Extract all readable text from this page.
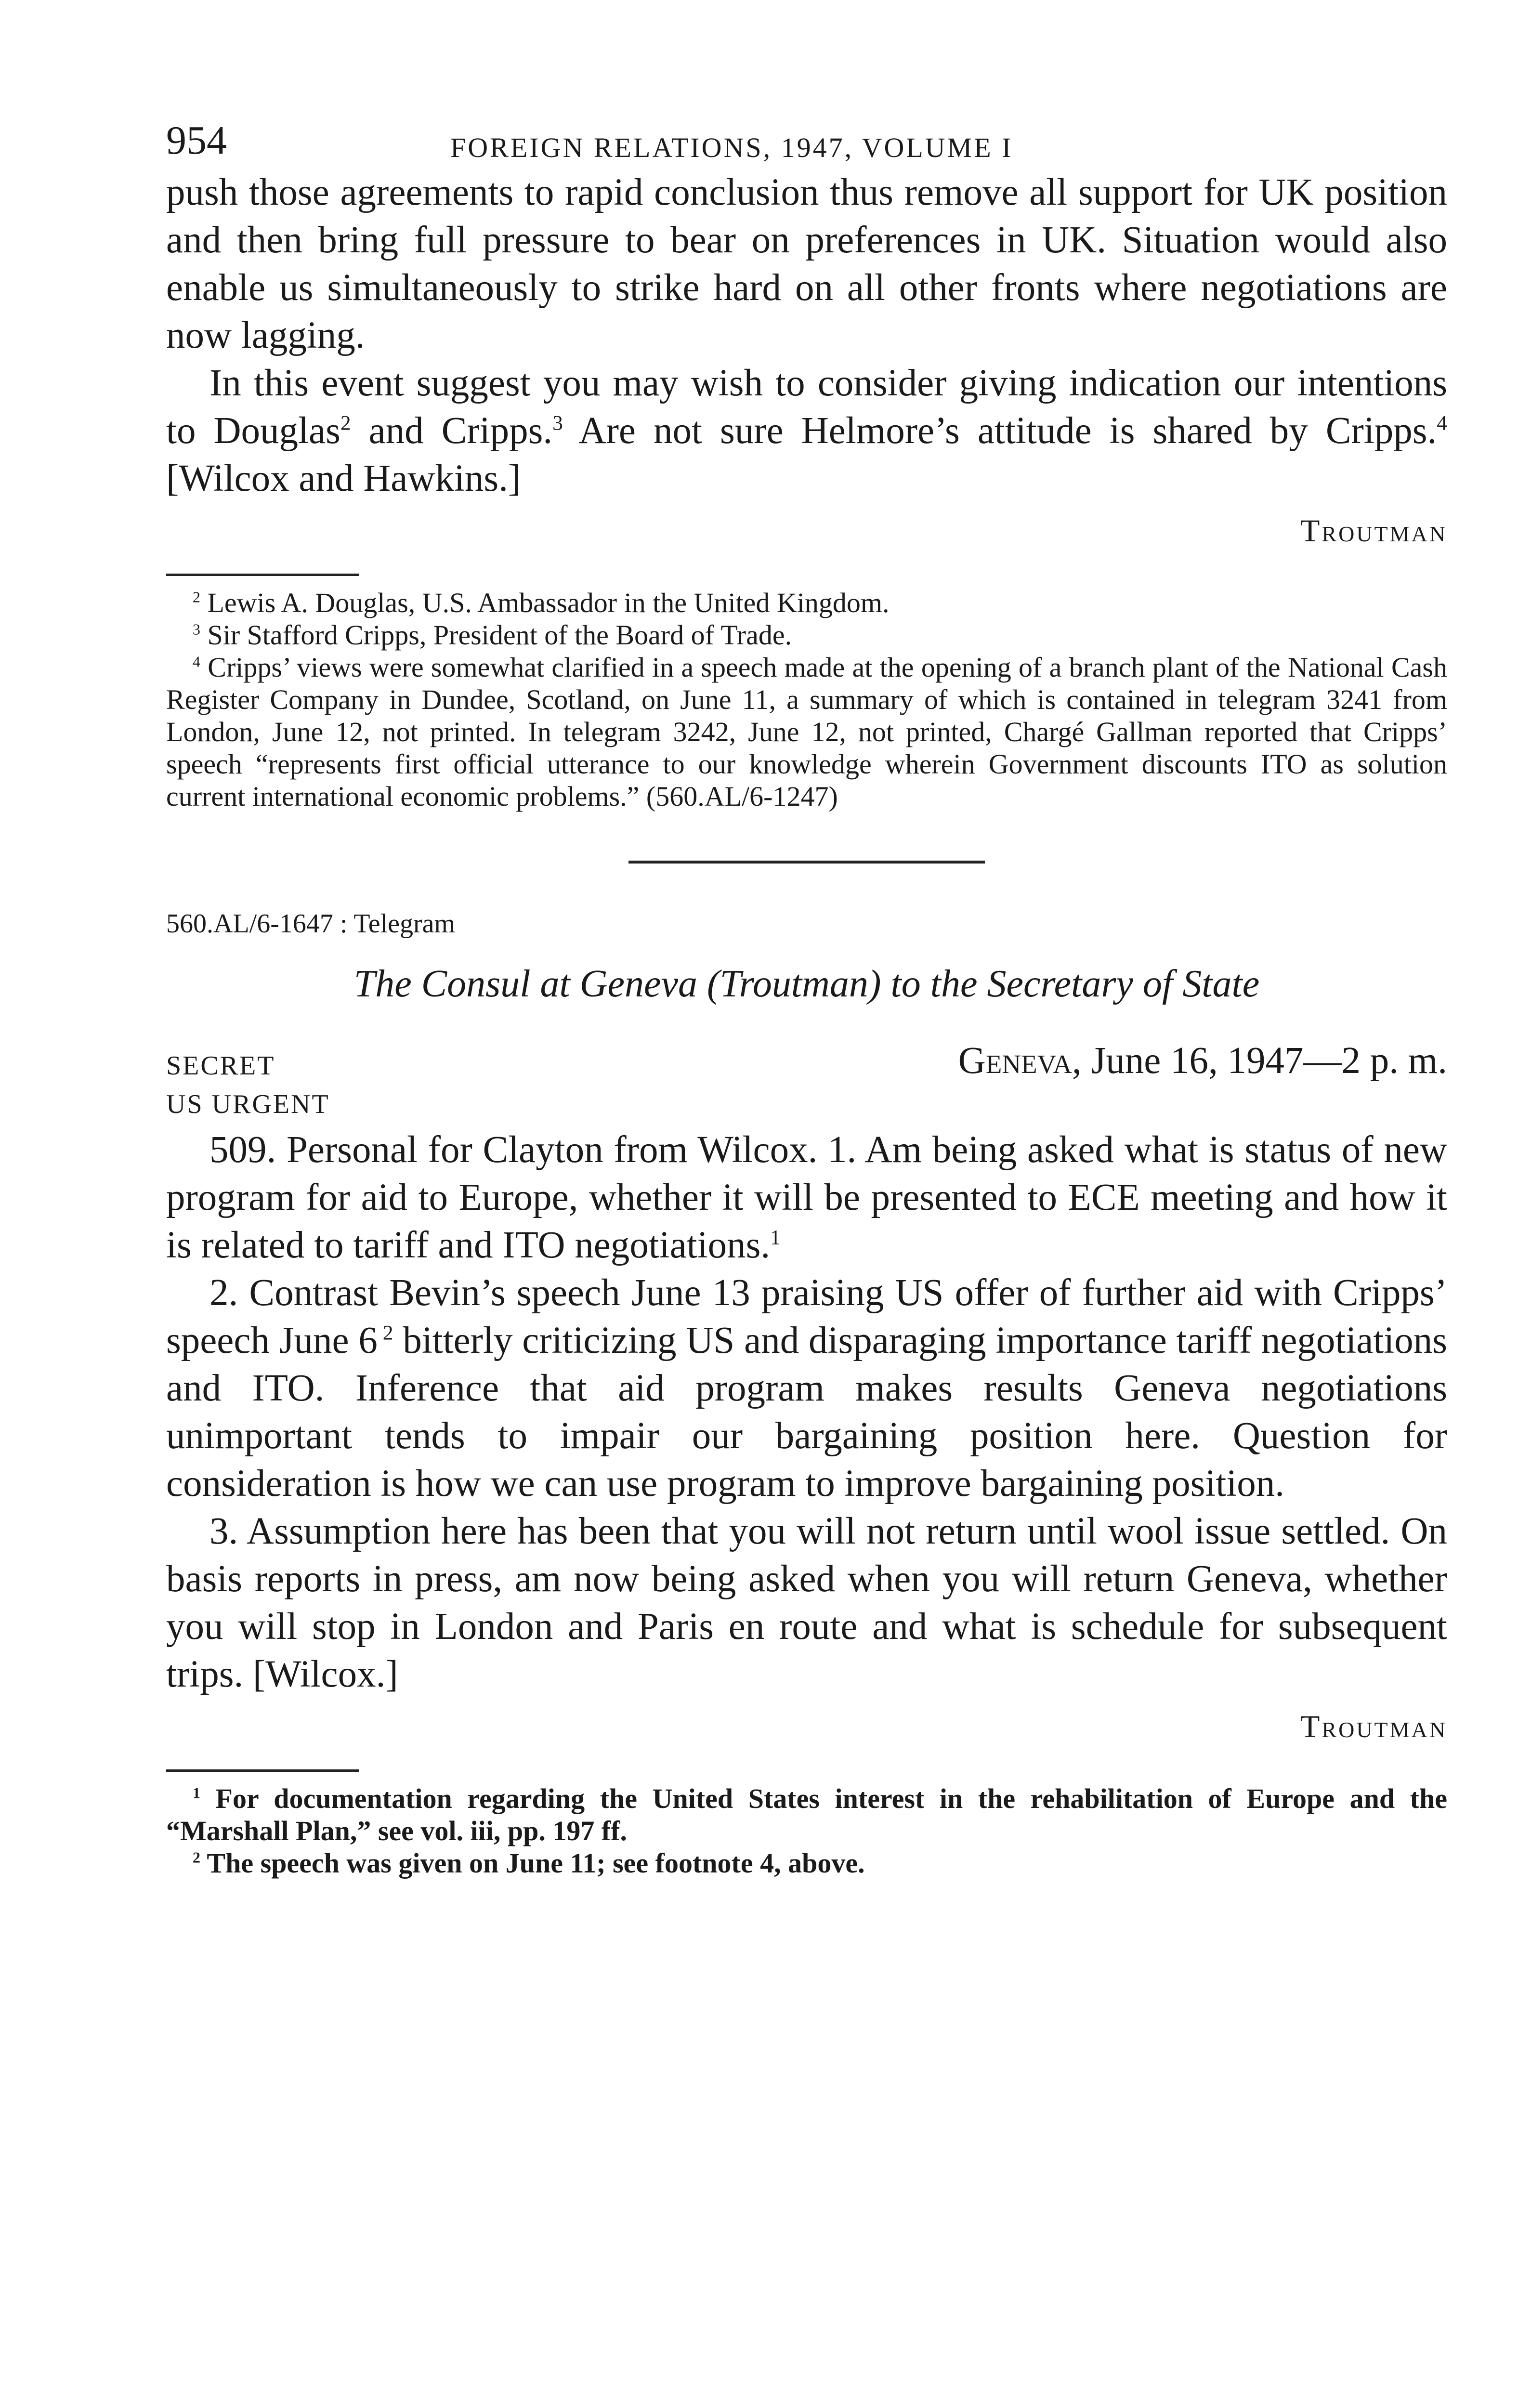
954	FOREIGN RELATIONS, 1947, VOLUME I

push those agreements to rapid conclusion thus remove all support for UK position and then bring full pressure to bear on preferences in UK. Situation would also enable us simultaneously to strike hard on all other fronts where negotiations are now lagging.

In this event suggest you may wish to consider giving indication our intentions to Douglas$^2$ and Cripps.$^3$ Are not sure Helmore’s attitude is shared by Cripps.$^4$ [Wilcox and Hawkins.]

Troutman

$^2$ Lewis A. Douglas, U.S. Ambassador in the United Kingdom.

$^3$ Sir Stafford Cripps, President of the Board of Trade.

$^4$ Cripps’ views were somewhat clarified in a speech made at the opening of a branch plant of the National Cash Register Company in Dundee, Scotland, on June 11, a summary of which is contained in telegram 3241 from London, June 12, not printed. In telegram 3242, June 12, not printed, Chargé Gallman reported that Cripps’ speech “represents first official utterance to our knowledge wherein Government discounts ITO as solution current international economic problems.” (560.AL/6-1247)

560.AL/6-1647 : Telegram

The Consul at Geneva (Troutman) to the Secretary of State

SECRET	Geneva, June 16, 1947—2 p. m.

US URGENT

509. Personal for Clayton from Wilcox. 1. Am being asked what is status of new program for aid to Europe, whether it will be presented to ECE meeting and how it is related to tariff and ITO negotiations.$^1$

2. Contrast Bevin’s speech June 13 praising US offer of further aid with Cripps’ speech June 6 $^2$ bitterly criticizing US and disparaging importance tariff negotiations and ITO. Inference that aid program makes results Geneva negotiations unimportant tends to impair our bargaining position here. Question for consideration is how we can use program to improve bargaining position.

3. Assumption here has been that you will not return until wool issue settled. On basis reports in press, am now being asked when you will return Geneva, whether you will stop in London and Paris en route and what is schedule for subsequent trips. [Wilcox.]

Troutman

$^1$ For documentation regarding the United States interest in the rehabilitation of Europe and the “Marshall Plan,” see vol. iii, pp. 197 ff.

$^2$ The speech was given on June 11; see footnote 4, above.
